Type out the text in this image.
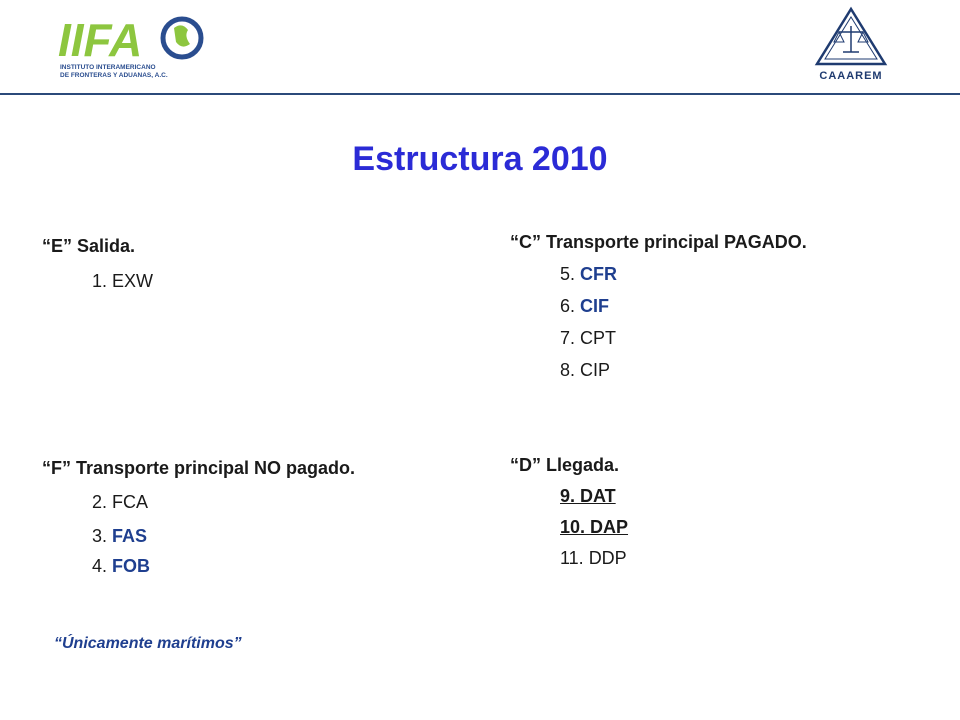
IIFA
INSTITUTO INTERAMERICANO
DE FRONTERAS Y ADUANAS, A.C.	CAAAREM
Estructura 2010
“E” Salida.
1. EXW
“F” Transporte principal NO pagado.
2. FCA
3. FAS
4. FOB
“C” Transporte principal PAGADO.
5. CFR
6. CIF
7. CPT
8. CIP
“D” Llegada.
9. DAT
10. DAP
11. DDP
“Únicamente marítimos”
